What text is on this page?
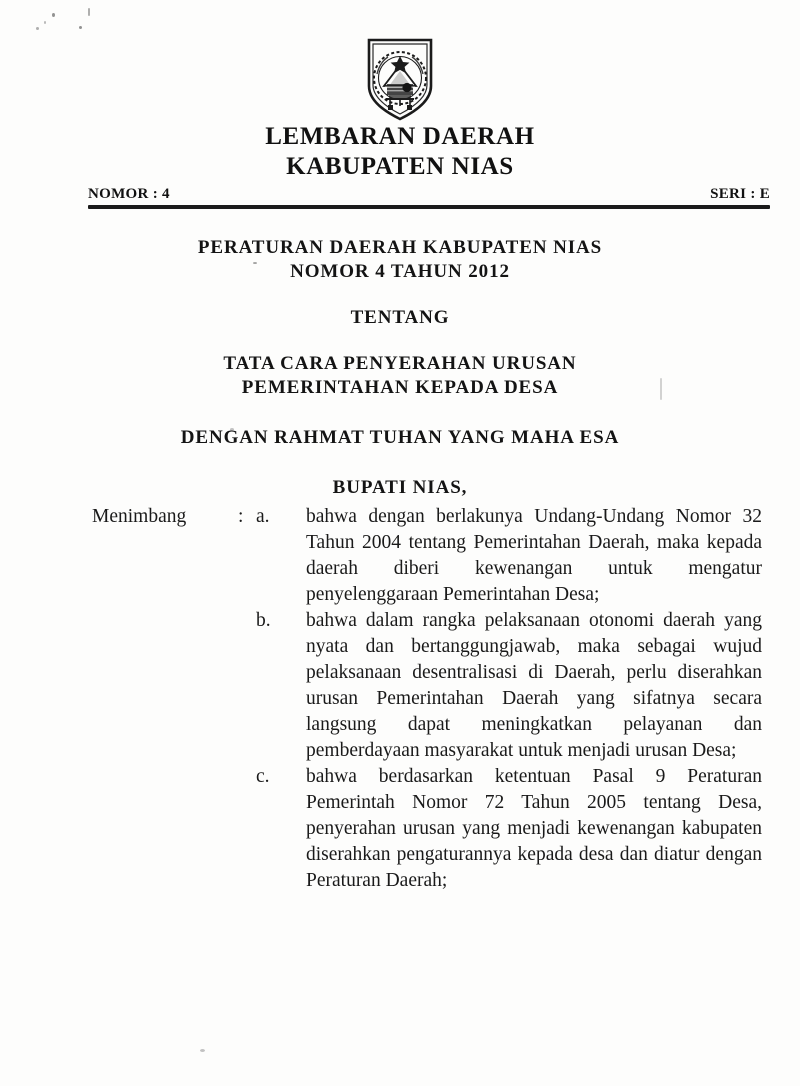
LEMBARAN DAERAH
KABUPATEN NIAS
NOMOR : 4	SERI : E
PERATURAN DAERAH KABUPATEN NIAS
NOMOR 4 TAHUN 2012
TENTANG
TATA CARA PENYERAHAN URUSAN
PEMERINTAHAN KEPADA DESA
DENGAN RAHMAT TUHAN YANG MAHA ESA
BUPATI NIAS,
Menimbang	: a.	bahwa dengan berlakunya Undang-Undang Nomor 32 Tahun 2004 tentang Pemerintahan Daerah, maka kepada daerah diberi kewenangan untuk mengatur penyelenggaraan Pemerintahan Desa;
b.	bahwa dalam rangka pelaksanaan otonomi daerah yang nyata dan bertanggungjawab, maka sebagai wujud pelaksanaan desentralisasi di Daerah, perlu diserahkan urusan Pemerintahan Daerah yang sifatnya secara langsung dapat meningkatkan pelayanan dan pemberdayaan masyarakat untuk menjadi urusan Desa;
c.	bahwa berdasarkan ketentuan Pasal 9 Peraturan Pemerintah Nomor 72 Tahun 2005 tentang Desa, penyerahan urusan yang menjadi kewenangan kabupaten diserahkan pengaturannya kepada desa dan diatur dengan Peraturan Daerah;
